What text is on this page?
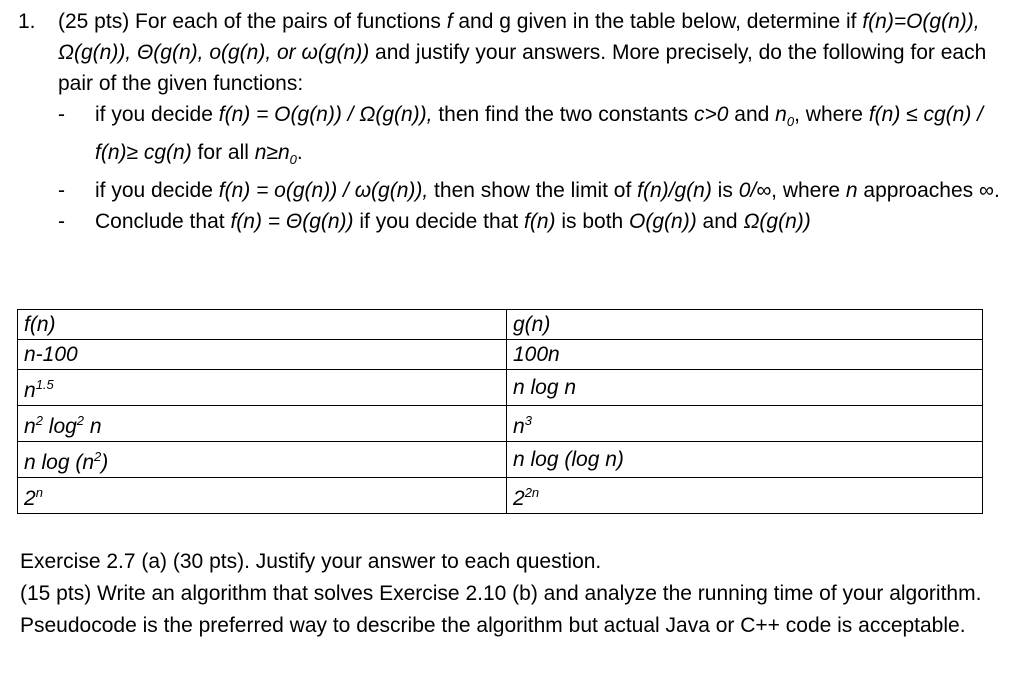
1. (25 pts) For each of the pairs of functions f and g given in the table below, determine if f(n)=O(g(n)), Ω(g(n)), Θ(g(n), o(g(n), or ω(g(n)) and justify your answers. More precisely, do the following for each pair of the given functions:
- if you decide f(n) = O(g(n)) / Ω(g(n)), then find the two constants c>0 and $n_0$, where f(n) ≤ cg(n) / f(n)≥ cg(n) for all $n\ge n_0$.
- if you decide f(n) = o(g(n)) / ω(g(n)), then show the limit of f(n)/g(n) is 0/∞, where n approaches ∞.
- Conclude that f(n) = Θ(g(n)) if you decide that f(n) is both O(g(n)) and Ω(g(n))
f(n)	g(n)
n-100	100n
$n^{1.5}$	n log n
$n^2$ $\log^2 n$	$n^3$
n $\log (n^2)$	n log (log n)
2$^n$	$2^{2n}$

Exercise 2.7 (a) (30 pts). Justify your answer to each question.

(15 pts) Write an algorithm that solves Exercise 2.10 (b) and analyze the running time of your algorithm. Pseudocode is the preferred way to describe the algorithm but actual Java or C++ code is acceptable.
